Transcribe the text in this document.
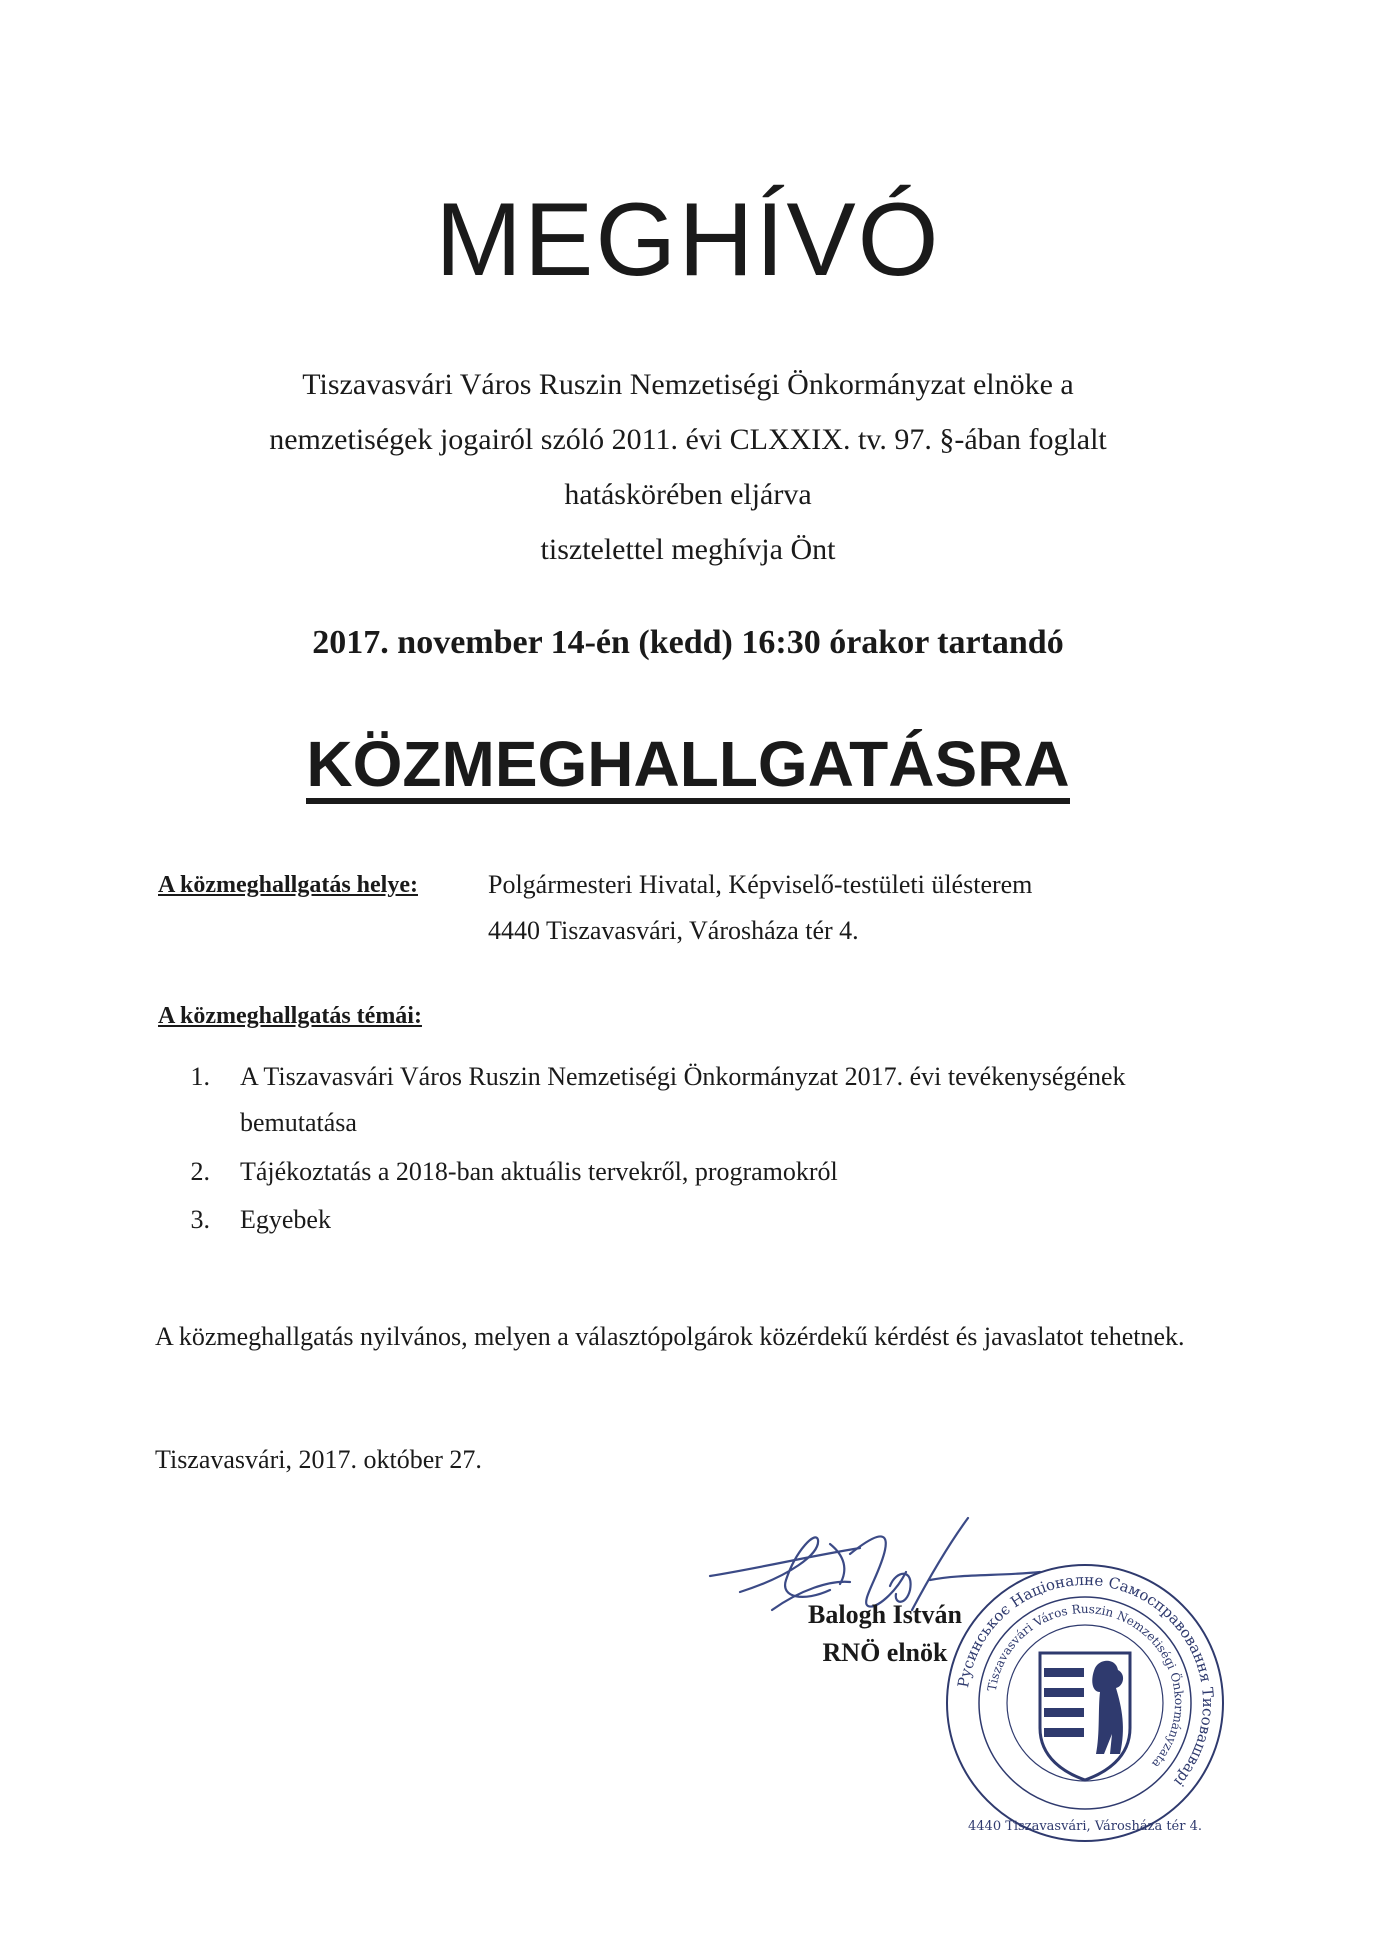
MEGHÍVÓ
Tiszavasvári Város Ruszin Nemzetiségi Önkormányzat elnöke a
nemzetiségek jogairól szóló 2011. évi CLXXIX. tv. 97. §-ában foglalt
hatáskörében eljárva
tisztelettel meghívja Önt
2017. november 14-én (kedd) 16:30 órakor tartandó
KÖZMEGHALLGATÁSRA
A közmeghallgatás helye:	Polgármesteri Hivatal, Képviselő-testületi ülésterem
4440 Tiszavasvári, Városháza tér 4.
A közmeghallgatás témái:
1. A Tiszavasvári Város Ruszin Nemzetiségi Önkormányzat 2017. évi tevékenységének
bemutatása
2. Tájékoztatás a 2018-ban aktuális tervekről, programokról
3. Egyebek
A közmeghallgatás nyilvános, melyen a választópolgárok közérdekű kérdést és javaslatot tehetnek.
Tiszavasvári, 2017. október 27.
Русинськоє Націоналне Самосправовання Тисовашварі
Tiszavasvári Város Ruszin Nemzetiségi Önkormányzata
4440 Tiszavasvári, Városháza tér 4.
Balogh István
RNÖ elnök
